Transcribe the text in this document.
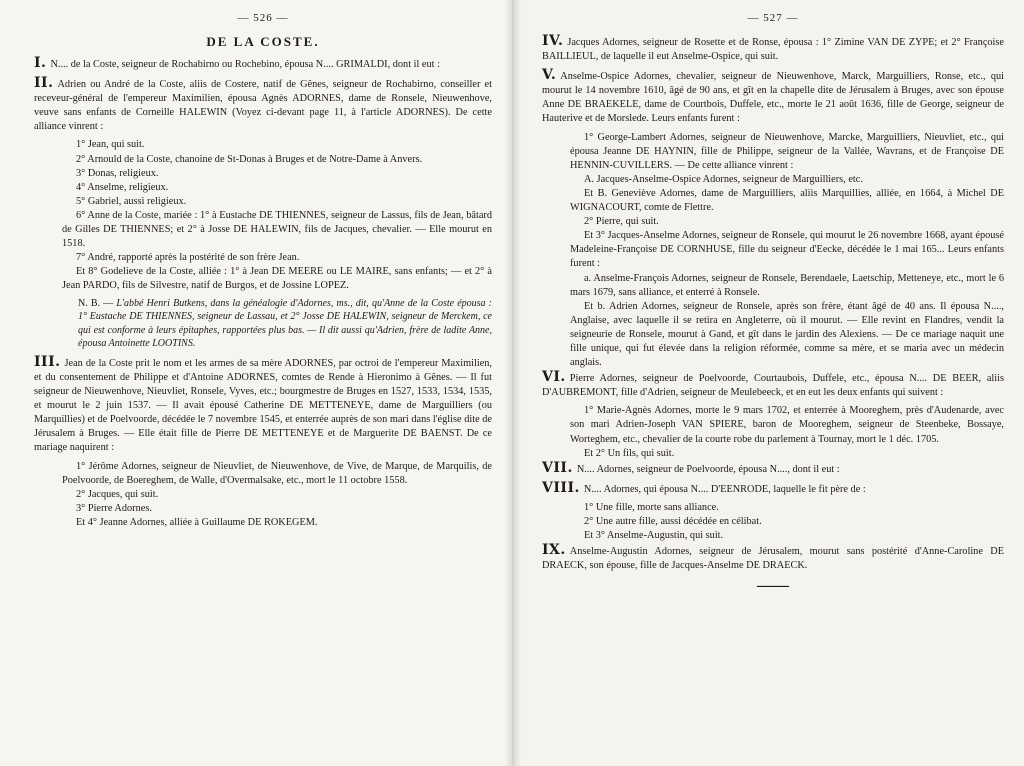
— 526 —
DE LA COSTE.
I. N.... de la Coste, seigneur de Rochabirno ou Rochebino, épousa N.... GRIMALDI, dont il eut :
II. Adrien ou André de la Coste, aliis de Costere, natif de Gênes, seigneur de Rochabirno, conseiller et receveur-général de l'empereur Maximilien, épousa Agnès ADORNES, dame de Ronsele, Nieuwenhove, veuve sans enfants de Corneille HALEWIN (Voyez ci-devant page 11, à l'article ADORNES). De cette alliance vinrent :
1° Jean, qui suit.
2° Arnould de la Coste, chanoine de St-Donas à Bruges et de Notre-Dame à Anvers.
3° Donas, religieux.
4° Anselme, religieux.
5° Gabriel, aussi religieux.
6° Anne de la Coste, mariée : 1° à Eustache DE THIENNES, seigneur de Lassus, fils de Jean, bâtard de Gilles DE THIENNES; et 2° à Josse DE HALEWIN, fils de Jacques, chevalier. — Elle mourut en 1518.
7° André, rapporté après la postérité de son frère Jean.
Et 8° Godelieve de la Coste, alliée : 1° à Jean DE MEERE ou LE MAIRE, sans enfants; — et 2° à Jean PARDO, fils de Silvestre, natif de Burgos, et de Jossine LOPEZ.
N. B. — L'abbé Henri Butkens, dans la généalogie d'Adornes, ms., dit, qu'Anne de la Coste épousa : 1° Eustache DE THIENNES, seigneur de Lassau, et 2° Josse DE HALEWIN, seigneur de Merckem, ce qui est conforme à leurs épitaphes, rapportées plus bas. — Il dit aussi qu'Adrien, frère de ladite Anne, épousa Antoinette LOOTINS.
III. Jean de la Coste prit le nom et les armes de sa mère ADORNES, par octroi de l'empereur Maximilien, et du consentement de Philippe et d'Antoine ADORNES, comtes de Rende à Hieronimo à Gênes. — Il fut seigneur de Nieuwenhove, Nieuvliet, Ronsele, Vyves, etc.; bourgmestre de Bruges en 1527, 1533, 1534, 1535, et mourut le 2 juin 1537. — Il avait épousé Catherine DE METTENEYE, dame de Marguilliers (ou Marquillies) et de Poelvoorde, décédée le 7 novembre 1545, et enterrée auprès de son mari dans l'église dite de Jérusalem à Bruges. — Elle était fille de Pierre DE METTENEYE et de Marguerite DE BAENST. De ce mariage naquirent :
1° Jérôme Adornes, seigneur de Nieuvliet, de Nieuwenhove, de Vive, de Marque, de Marquilis, de Poelvoorde, de Boereghem, de Walle, d'Overmalsake, etc., mort le 11 octobre 1558.
2° Jacques, qui suit.
3° Pierre Adornes.
Et 4° Jeanne Adornes, alliée à Guillaume DE ROKEGEM.
— 527 —
IV. Jacques Adornes, seigneur de Rosette et de Ronse, épousa : 1° Zimine VAN DE ZYPE; et 2° Françoise BAILLIEUL, de laquelle il eut Anselme-Ospice, qui suit.
V. Anselme-Ospice Adornes, chevalier, seigneur de Nieuwenhove, Marck, Marguilliers, Ronse, etc., qui mourut le 14 novembre 1610, âgé de 90 ans, et gît en la chapelle dite de Jérusalem à Bruges, avec son épouse Anne DE BRAEKELE, dame de Courtbois, Duffele, etc., morte le 21 août 1636, fille de George, seigneur de Hauterive et de Morslede. Leurs enfants furent :
1° George-Lambert Adornes, seigneur de Nieuwenhove, Marcke, Marguilliers, Nieuvliet, etc., qui épousa Jeanne DE HAYNIN, fille de Philippe, seigneur de la Vallée, Wavrans, et de Françoise DE HENNIN-CUVILLERS. — De cette alliance vinrent :
A. Jacques-Anselme-Ospice Adornes, seigneur de Marguilliers, etc.
Et B. Geneviève Adornes, dame de Marguilliers, aliis Marquillies, alliée, en 1664, à Michel DE WIGNACOURT, comte de Flettre.
2° Pierre, qui suit.
Et 3° Jacques-Anselme Adornes, seigneur de Ronsele, qui mourut le 26 novembre 1668, ayant épousé Madeleine-Françoise DE CORNHUSE, fille du seigneur d'Eecke, décédée le 1 mai 165... Leurs enfants furent :
a. Anselme-François Adornes, seigneur de Ronsele, Berendaele, Laetschip, Metteneye, etc., mort le 6 mars 1679, sans alliance, et enterré à Ronsele.
Et b. Adrien Adornes, seigneur de Ronsele, après son frère, étant âgé de 40 ans. Il épousa N...., Anglaise, avec laquelle il se retira en Angleterre, où il mourut. — Elle revint en Flandres, vendit la seigneurie de Ronsele, mourut à Gand, et gît dans le jardin des Alexiens. — De ce mariage naquit une fille unique, qui fut élevée dans la religion réformée, comme sa mère, et se maria avec un médecin anglais.
VI. Pierre Adornes, seigneur de Poelvoorde, Courtaubois, Duffele, etc., épousa N.... DE BEER, aliis D'AUBREMONT, fille d'Adrien, seigneur de Meulebeeck, et en eut les deux enfants qui suivent :
1° Marie-Agnès Adornes, morte le 9 mars 1702, et enterrée à Mooreghem, près d'Audenarde, avec son mari Adrien-Joseph VAN SPIERE, baron de Mooreghem, seigneur de Steenbeke, Bossaye, Worteghem, etc., chevalier de la courte robe du parlement à Tournay, mort le 1 déc. 1705.
Et 2° Un fils, qui suit.
VII. N.... Adornes, seigneur de Poelvoorde, épousa N...., dont il eut :
VIII. N.... Adornes, qui épousa N.... D'EENRODE, laquelle le fit père de :
1° Une fille, morte sans alliance.
2° Une autre fille, aussi décédée en célibat.
Et 3° Anselme-Augustin, qui suit.
IX. Anselme-Augustin Adornes, seigneur de Jérusalem, mourut sans postérité d'Anne-Caroline DE DRAECK, son épouse, fille de Jacques-Anselme DE DRAECK.
——
